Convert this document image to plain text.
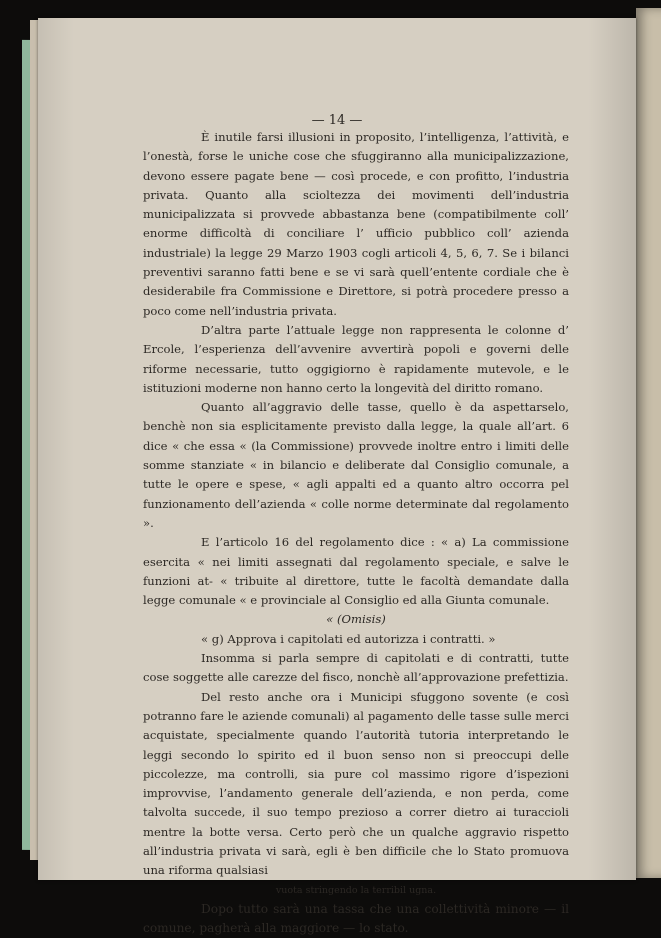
— 14 —

È inutile farsi illusioni in proposito, l’intelligenza, l’attività, e l’onestà, forse le uniche cose che sfuggiranno alla municipalizzazione, devono essere pagate bene — così procede, e con profitto, l’industria privata. Quanto alla scioltezza dei movimenti dell’industria municipalizzata si provvede abbastanza bene (compatibilmente coll’ enorme difficoltà di conciliare l’ ufficio pubblico coll’ azienda industriale) la legge 29 Marzo 1903 cogli articoli 4, 5, 6, 7. Se i bilanci preventivi saranno fatti bene e se vi sarà quell’entente cordiale che è desiderabile fra Commissione e Direttore, si potrà procedere presso a poco come nell’industria privata.

D’altra parte l’attuale legge non rappresenta le colonne d’ Ercole, l’esperienza dell’avvenire avvertirà popoli e governi delle riforme necessarie, tutto oggigiorno è rapidamente mutevole, e le istituzioni moderne non hanno certo la longevità del diritto romano.

Quanto all’aggravio delle tasse, quello è da aspettarselo, benchè non sia esplicitamente previsto dalla legge, la quale all’art. 6 dice « che essa « (la Commissione) provvede inoltre entro i limiti delle somme stanziate « in bilancio e deliberate dal Consiglio comunale, a tutte le opere e spese, « agli appalti ed a quanto altro occorra pel funzionamento dell’azienda « colle norme determinate dal regolamento ».

E l’articolo 16 del regolamento dice : « a) La commissione esercita « nei limiti assegnati dal regolamento speciale, e salve le funzioni at- « tribuite al direttore, tutte le facoltà demandate dalla legge comunale « e provinciale al Consiglio ed alla Giunta comunale.

« (Omisis)

« g) Approva i capitolati ed autorizza i contratti. »

Insomma si parla sempre di capitolati e di contratti, tutte cose soggette alle carezze del fisco, nonchè all’approvazione prefettizia.

Del resto anche ora i Municipi sfuggono sovente (e così potranno fare le aziende comunali) al pagamento delle tasse sulle merci acquistate, specialmente quando l’autorità tutoria interpretando le leggi secondo lo spirito ed il buon senso non si preoccupi delle piccolezze, ma controlli, sia pure col massimo rigore d’ispezioni improvvise, l’andamento generale dell’azienda, e non perda, come talvolta succede, il suo tempo prezioso a correr dietro ai turaccioli mentre la botte versa. Certo però che un qualche aggravio rispetto all’industria privata vi sarà, egli è ben difficile che lo Stato promuova una riforma qualsiasi

vuota stringendo la terribil ugna.

Dopo tutto sarà una tassa che una collettività minore — il comune, pagherà alla maggiore — lo stato.
